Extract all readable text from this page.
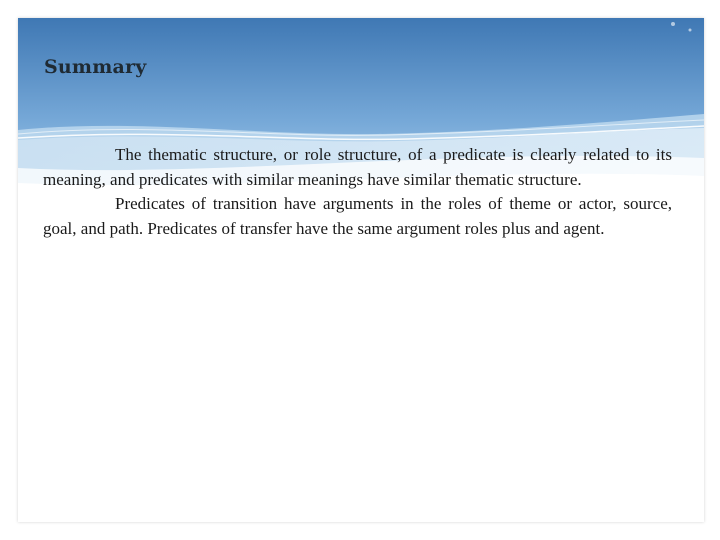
Summary

The thematic structure, or role structure, of a predicate is clearly related to its meaning, and predicates with similar meanings have similar thematic structure.

Predicates of transition have arguments in the roles of theme or actor, source, goal, and path. Predicates of transfer have the same argument roles plus and agent.
